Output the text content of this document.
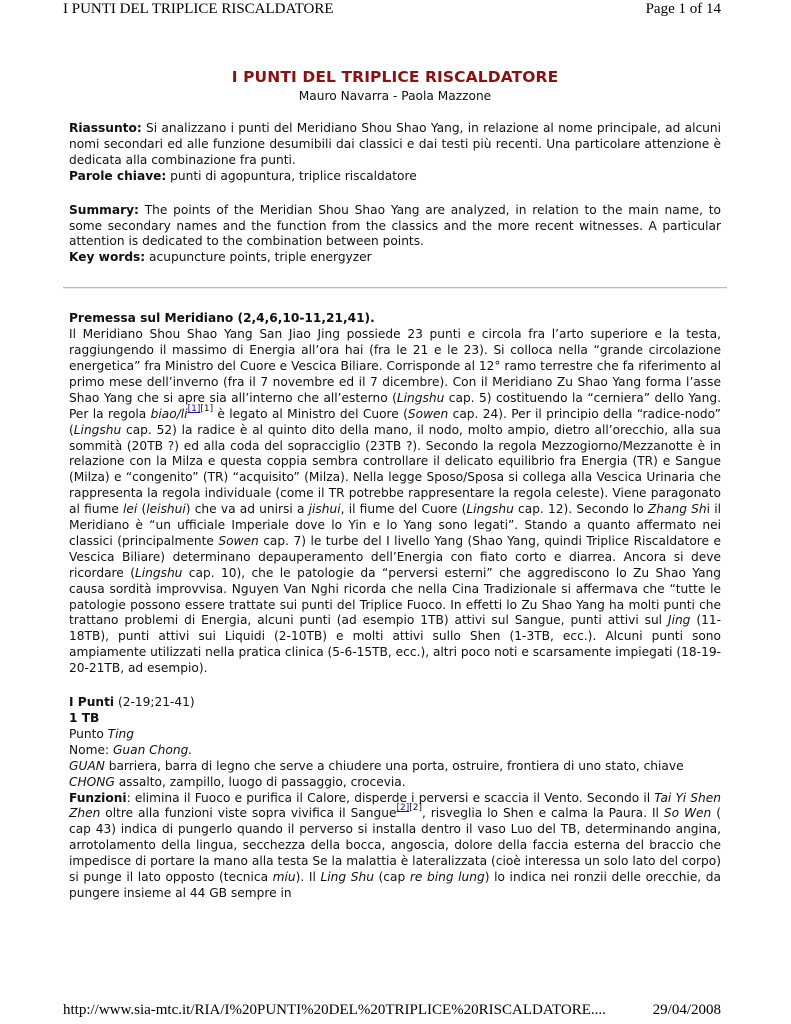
I PUNTI DEL TRIPLICE RISCALDATORE	Page 1 of 14
I PUNTI DEL TRIPLICE RISCALDATORE
Mauro Navarra - Paola Mazzone

Riassunto: Si analizzano i punti del Meridiano Shou Shao Yang, in relazione al nome principale, ad alcuni nomi secondari ed alle funzione desumibili dai classici e dai testi più recenti. Una particolare attenzione è dedicata alla combinazione fra punti.

Parole chiave: punti di agopuntura, triplice riscaldatore

Summary: The points of the Meridian Shou Shao Yang are analyzed, in relation to the main name, to some secondary names and the function from the classics and the more recent witnesses. A particular attention is dedicated to the combination between points.

Key words: acupuncture points, triple energyzer

Premessa sul Meridiano (2,4,6,10-11,21,41).

Il Meridiano Shou Shao Yang San Jiao Jing possiede 23 punti e circola fra l’arto superiore e la testa, raggiungendo il massimo di Energia all’ora hai (fra le 21 e le 23). Si colloca nella “grande circolazione energetica” fra Ministro del Cuore e Vescica Biliare. Corrisponde al 12° ramo terrestre che fa riferimento al primo mese dell’inverno (fra il 7 novembre ed il 7 dicembre). Con il Meridiano Zu Shao Yang forma l’asse Shao Yang che si apre sia all’interno che all’esterno (Lingshu cap. 5) costituendo la “cerniera” dello Yang. Per la regola biao/li[1][1] è legato al Ministro del Cuore (Sowen cap. 24). Per il principio della “radice-nodo” (Lingshu cap. 52) la radice è al quinto dito della mano, il nodo, molto ampio, dietro all’orecchio, alla sua sommità (20TB ?) ed alla coda del sopracciglio (23TB ?). Secondo la regola Mezzogiorno/Mezzanotte è in relazione con la Milza e questa coppia sembra controllare il delicato equilibrio fra Energia (TR) e Sangue (Milza) e “congenito” (TR) “acquisito” (Milza). Nella legge Sposo/Sposa si collega alla Vescica Urinaria che rappresenta la regola individuale (come il TR potrebbe rappresentare la regola celeste). Viene paragonato al fiume lei (leishui) che va ad unirsi a jishui, il fiume del Cuore (Lingshu cap. 12). Secondo lo Zhang Shi il Meridiano è “un ufficiale Imperiale dove lo Yin e lo Yang sono legati”. Stando a quanto affermato nei classici (principalmente Sowen cap. 7) le turbe del I livello Yang (Shao Yang, quindi Triplice Riscaldatore e Vescica Biliare) determinano depauperamento dell’Energia con fiato corto e diarrea. Ancora si deve ricordare (Lingshu cap. 10), che le patologie da “perversi esterni” che aggrediscono lo Zu Shao Yang causa sordità improvvisa. Nguyen Van Nghi ricorda che nella Cina Tradizionale si affermava che “tutte le patologie possono essere trattate sui punti del Triplice Fuoco. In effetti lo Zu Shao Yang ha molti punti che trattano problemi di Energia, alcuni punti (ad esempio 1TB) attivi sul Sangue, punti attivi sul Jing (11-18TB), punti attivi sui Liquidi (2-10TB) e molti attivi sullo Shen (1-3TB, ecc.). Alcuni punti sono ampiamente utilizzati nella pratica clinica (5-6-15TB, ecc.), altri poco noti e scarsamente impiegati (18-19-20-21TB, ad esempio).

I Punti (2-19;21-41)

1 TB

Punto Ting

Nome: Guan Chong.

GUAN barriera, barra di legno che serve a chiudere una porta, ostruire, frontiera di uno stato, chiave

CHONG assalto, zampillo, luogo di passaggio, crocevia.

Funzioni: elimina il Fuoco e purifica il Calore, disperde i perversi e scaccia il Vento. Secondo il Tai Yi Shen Zhen oltre alla funzioni viste sopra vivifica il Sangue[2][2], risveglia lo Shen e calma la Paura. Il So Wen ( cap 43) indica di pungerlo quando il perverso si installa dentro il vaso Luo del TB, determinando angina, arrotolamento della lingua, secchezza della bocca, angoscia, dolore della faccia esterna del braccio che impedisce di portare la mano alla testa Se la malattia è lateralizzata (cioè interessa un solo lato del corpo) si punge il lato opposto (tecnica miu). Il Ling Shu (cap re bing lung) lo indica nei ronzii delle orecchie, da pungere insieme al 44 GB sempre in

http://www.sia-mtc.it/RIA/I%20PUNTI%20DEL%20TRIPLICE%20RISCALDATORE....	29/04/2008
